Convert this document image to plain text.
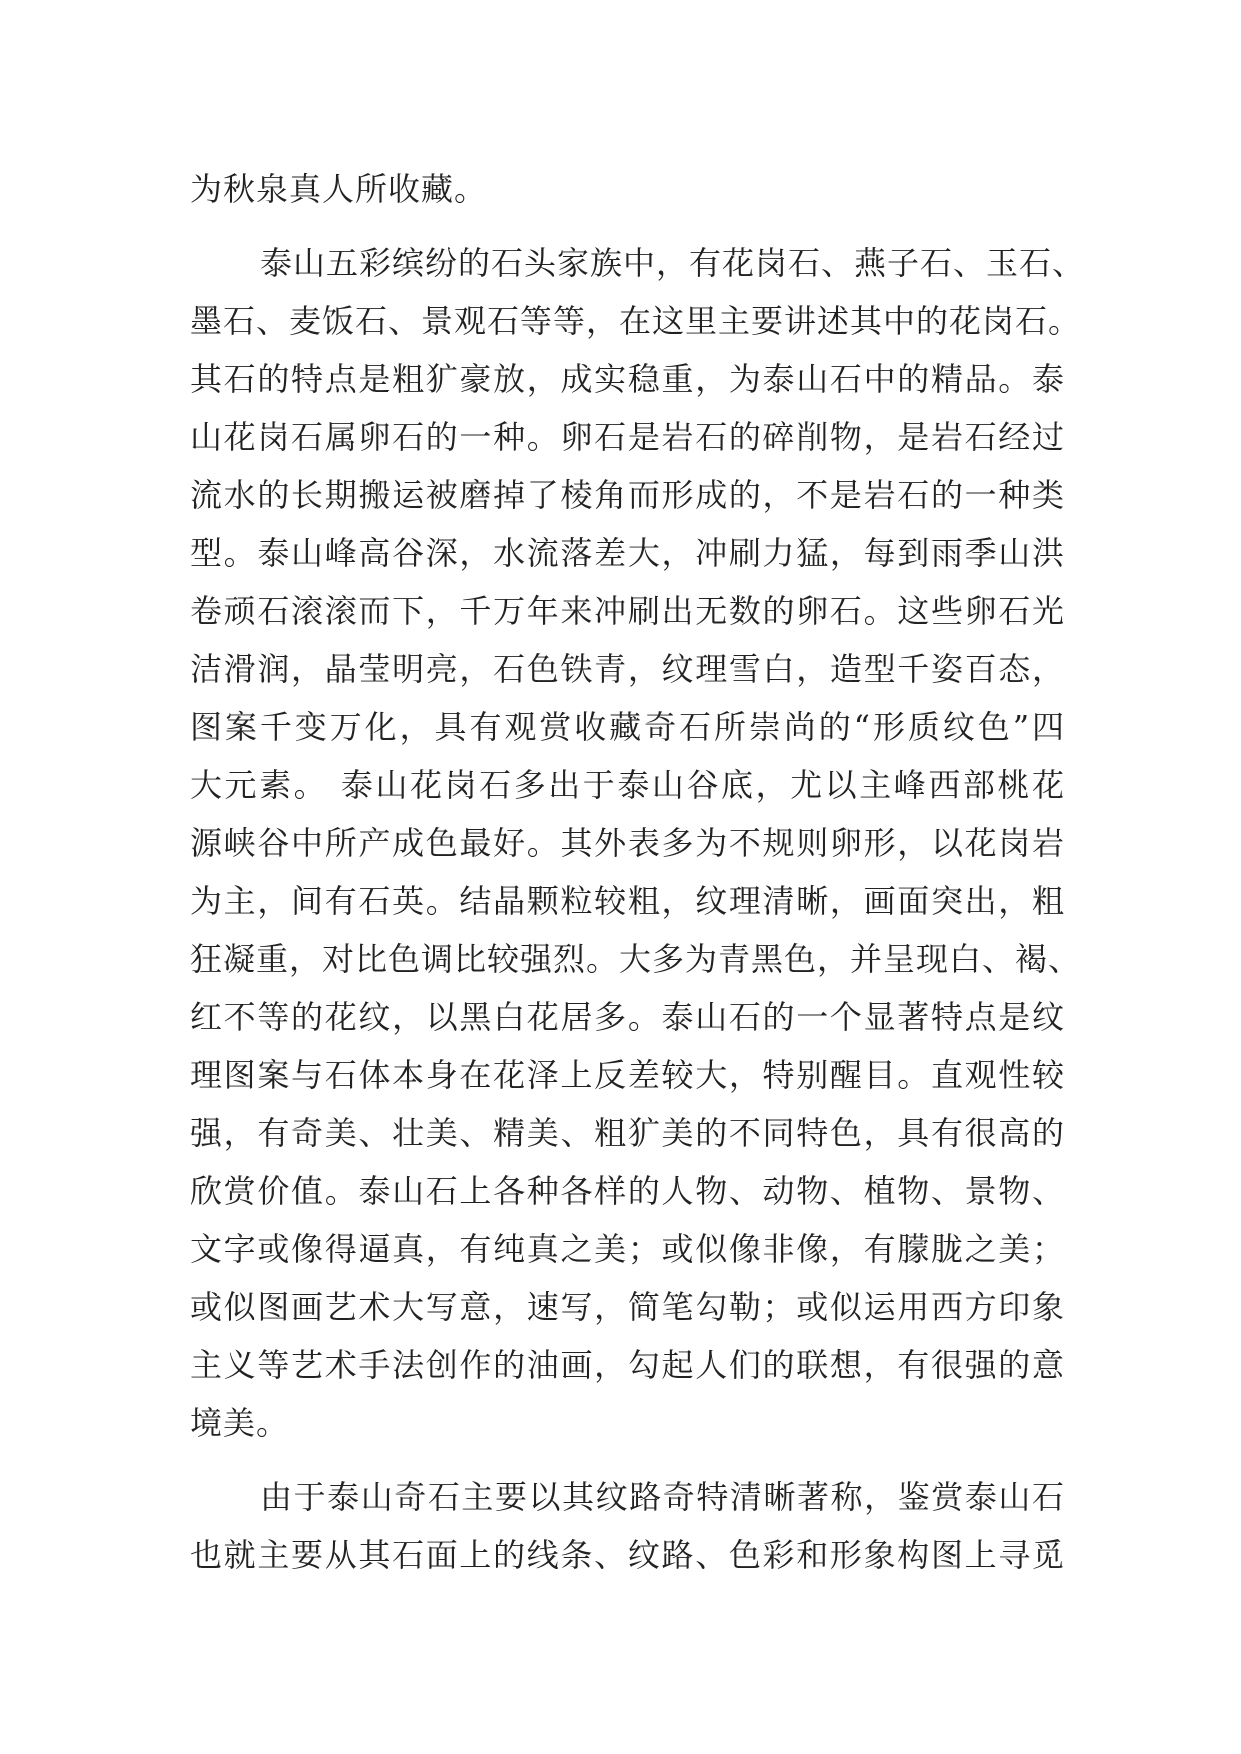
为秋泉真人所收藏。
泰山五彩缤纷的石头家族中，有花岗石、燕子石、玉石、
墨石、麦饭石、景观石等等，在这里主要讲述其中的花岗石。
其石的特点是粗犷豪放，成实稳重，为泰山石中的精品。泰
山花岗石属卵石的一种。卵石是岩石的碎削物，是岩石经过
流水的长期搬运被磨掉了棱角而形成的，不是岩石的一种类
型。泰山峰高谷深，水流落差大，冲刷力猛，每到雨季山洪
卷顽石滚滚而下，千万年来冲刷出无数的卵石。这些卵石光
洁滑润，晶莹明亮，石色铁青，纹理雪白，造型千姿百态，
图案千变万化，具有观赏收藏奇石所崇尚的“形质纹色”四
大元素。 泰山花岗石多出于泰山谷底，尤以主峰西部桃花
源峡谷中所产成色最好。其外表多为不规则卵形，以花岗岩
为主，间有石英。结晶颗粒较粗，纹理清晰，画面突出，粗
狂凝重，对比色调比较强烈。大多为青黑色，并呈现白、褐、
红不等的花纹，以黑白花居多。泰山石的一个显著特点是纹
理图案与石体本身在花泽上反差较大，特别醒目。直观性较
强，有奇美、壮美、精美、粗犷美的不同特色，具有很高的
欣赏价值。泰山石上各种各样的人物、动物、植物、景物、
文字或像得逼真，有纯真之美；或似像非像，有朦胧之美；
或似图画艺术大写意，速写，简笔勾勒；或似运用西方印象
主义等艺术手法创作的油画，勾起人们的联想，有很强的意
境美。
由于泰山奇石主要以其纹路奇特清晰著称，鉴赏泰山石
也就主要从其石面上的线条、纹路、色彩和形象构图上寻觅
